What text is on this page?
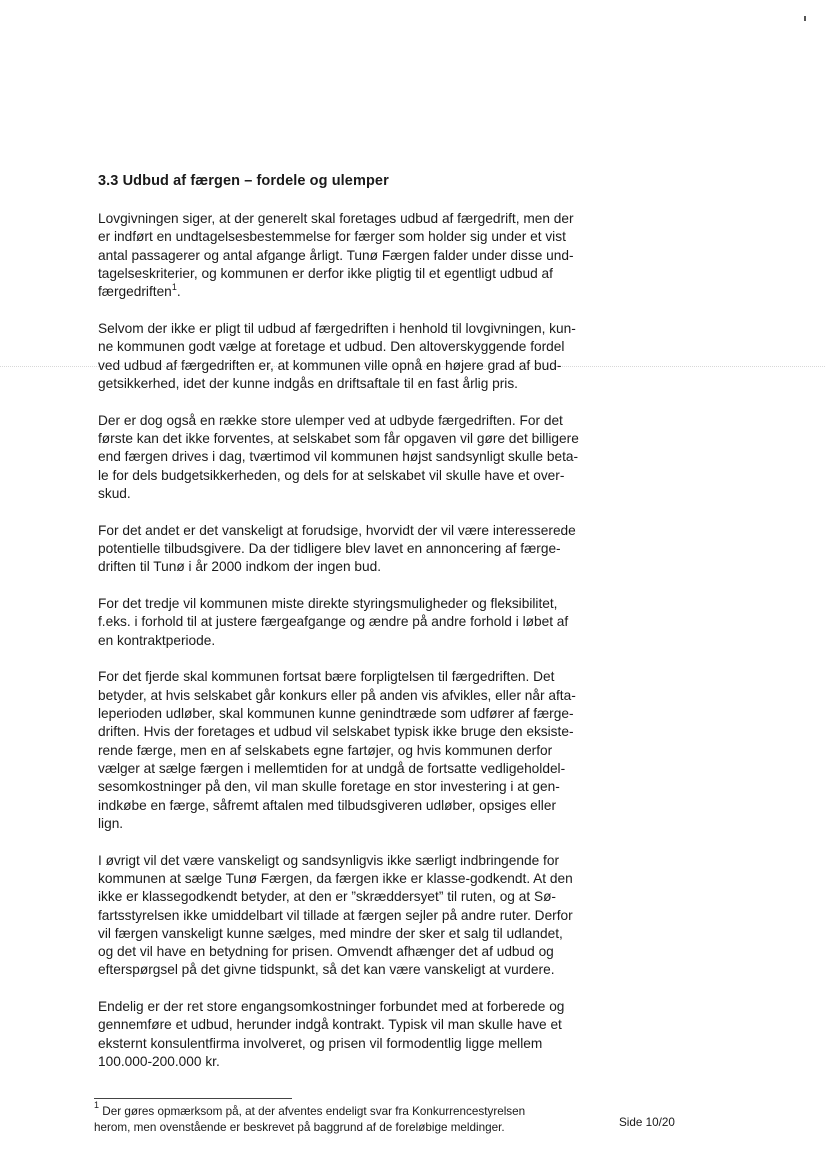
3.3 Udbud af færgen – fordele og ulemper
Lovgivningen siger, at der generelt skal foretages udbud af færgedrift, men der
er indført en undtagelsesbestemmelse for færger som holder sig under et vist
antal passagerer og antal afgange årligt. Tunø Færgen falder under disse und-
tagelseskriterier, og kommunen er derfor ikke pligtig til et egentligt udbud af
færgedriften$^1$.
Selvom der ikke er pligt til udbud af færgedriften i henhold til lovgivningen, kun-
ne kommunen godt vælge at foretage et udbud. Den altoverskyggende fordel
ved udbud af færgedriften er, at kommunen ville opnå en højere grad af bud-
getsikkerhed, idet der kunne indgås en driftsaftale til en fast årlig pris.
Der er dog også en række store ulemper ved at udbyde færgedriften. For det
første kan det ikke forventes, at selskabet som får opgaven vil gøre det billigere
end færgen drives i dag, tværtimod vil kommunen højst sandsynligt skulle beta-
le for dels budgetsikkerheden, og dels for at selskabet vil skulle have et over-
skud.
For det andet er det vanskeligt at forudsige, hvorvidt der vil være interesserede
potentielle tilbudsgivere. Da der tidligere blev lavet en annoncering af færge-
driften til Tunø i år 2000 indkom der ingen bud.
For det tredje vil kommunen miste direkte styringsmuligheder og fleksibilitet,
f.eks. i forhold til at justere færgeafgange og ændre på andre forhold i løbet af
en kontraktperiode.
For det fjerde skal kommunen fortsat bære forpligtelsen til færgedriften. Det
betyder, at hvis selskabet går konkurs eller på anden vis afvikles, eller når afta-
leperioden udløber, skal kommunen kunne genindtræde som udfører af færge-
driften. Hvis der foretages et udbud vil selskabet typisk ikke bruge den eksiste-
rende færge, men en af selskabets egne fartøjer, og hvis kommunen derfor
vælger at sælge færgen i mellemtiden for at undgå de fortsatte vedligeholdel-
sesomkostninger på den, vil man skulle foretage en stor investering i at gen-
indkøbe en færge, såfremt aftalen med tilbudsgiveren udløber, opsiges eller
lign.
I øvrigt vil det være vanskeligt og sandsynligvis ikke særligt indbringende for
kommunen at sælge Tunø Færgen, da færgen ikke er klasse-godkendt. At den
ikke er klassegodkendt betyder, at den er ”skræddersyet” til ruten, og at Sø-
fartsstyrelsen ikke umiddelbart vil tillade at færgen sejler på andre ruter. Derfor
vil færgen vanskeligt kunne sælges, med mindre der sker et salg til udlandet,
og det vil have en betydning for prisen. Omvendt afhænger det af udbud og
efterspørgsel på det givne tidspunkt, så det kan være vanskeligt at vurdere.
Endelig er der ret store engangsomkostninger forbundet med at forberede og
gennemføre et udbud, herunder indgå kontrakt. Typisk vil man skulle have et
eksternt konsulentfirma involveret, og prisen vil formodentlig ligge mellem
100.000-200.000 kr.
$^1$ Der gøres opmærksom på, at der afventes endeligt svar fra Konkurrencestyrelsen
herom, men ovenstående er beskrevet på baggrund af de foreløbige meldinger.	Side 10/20
